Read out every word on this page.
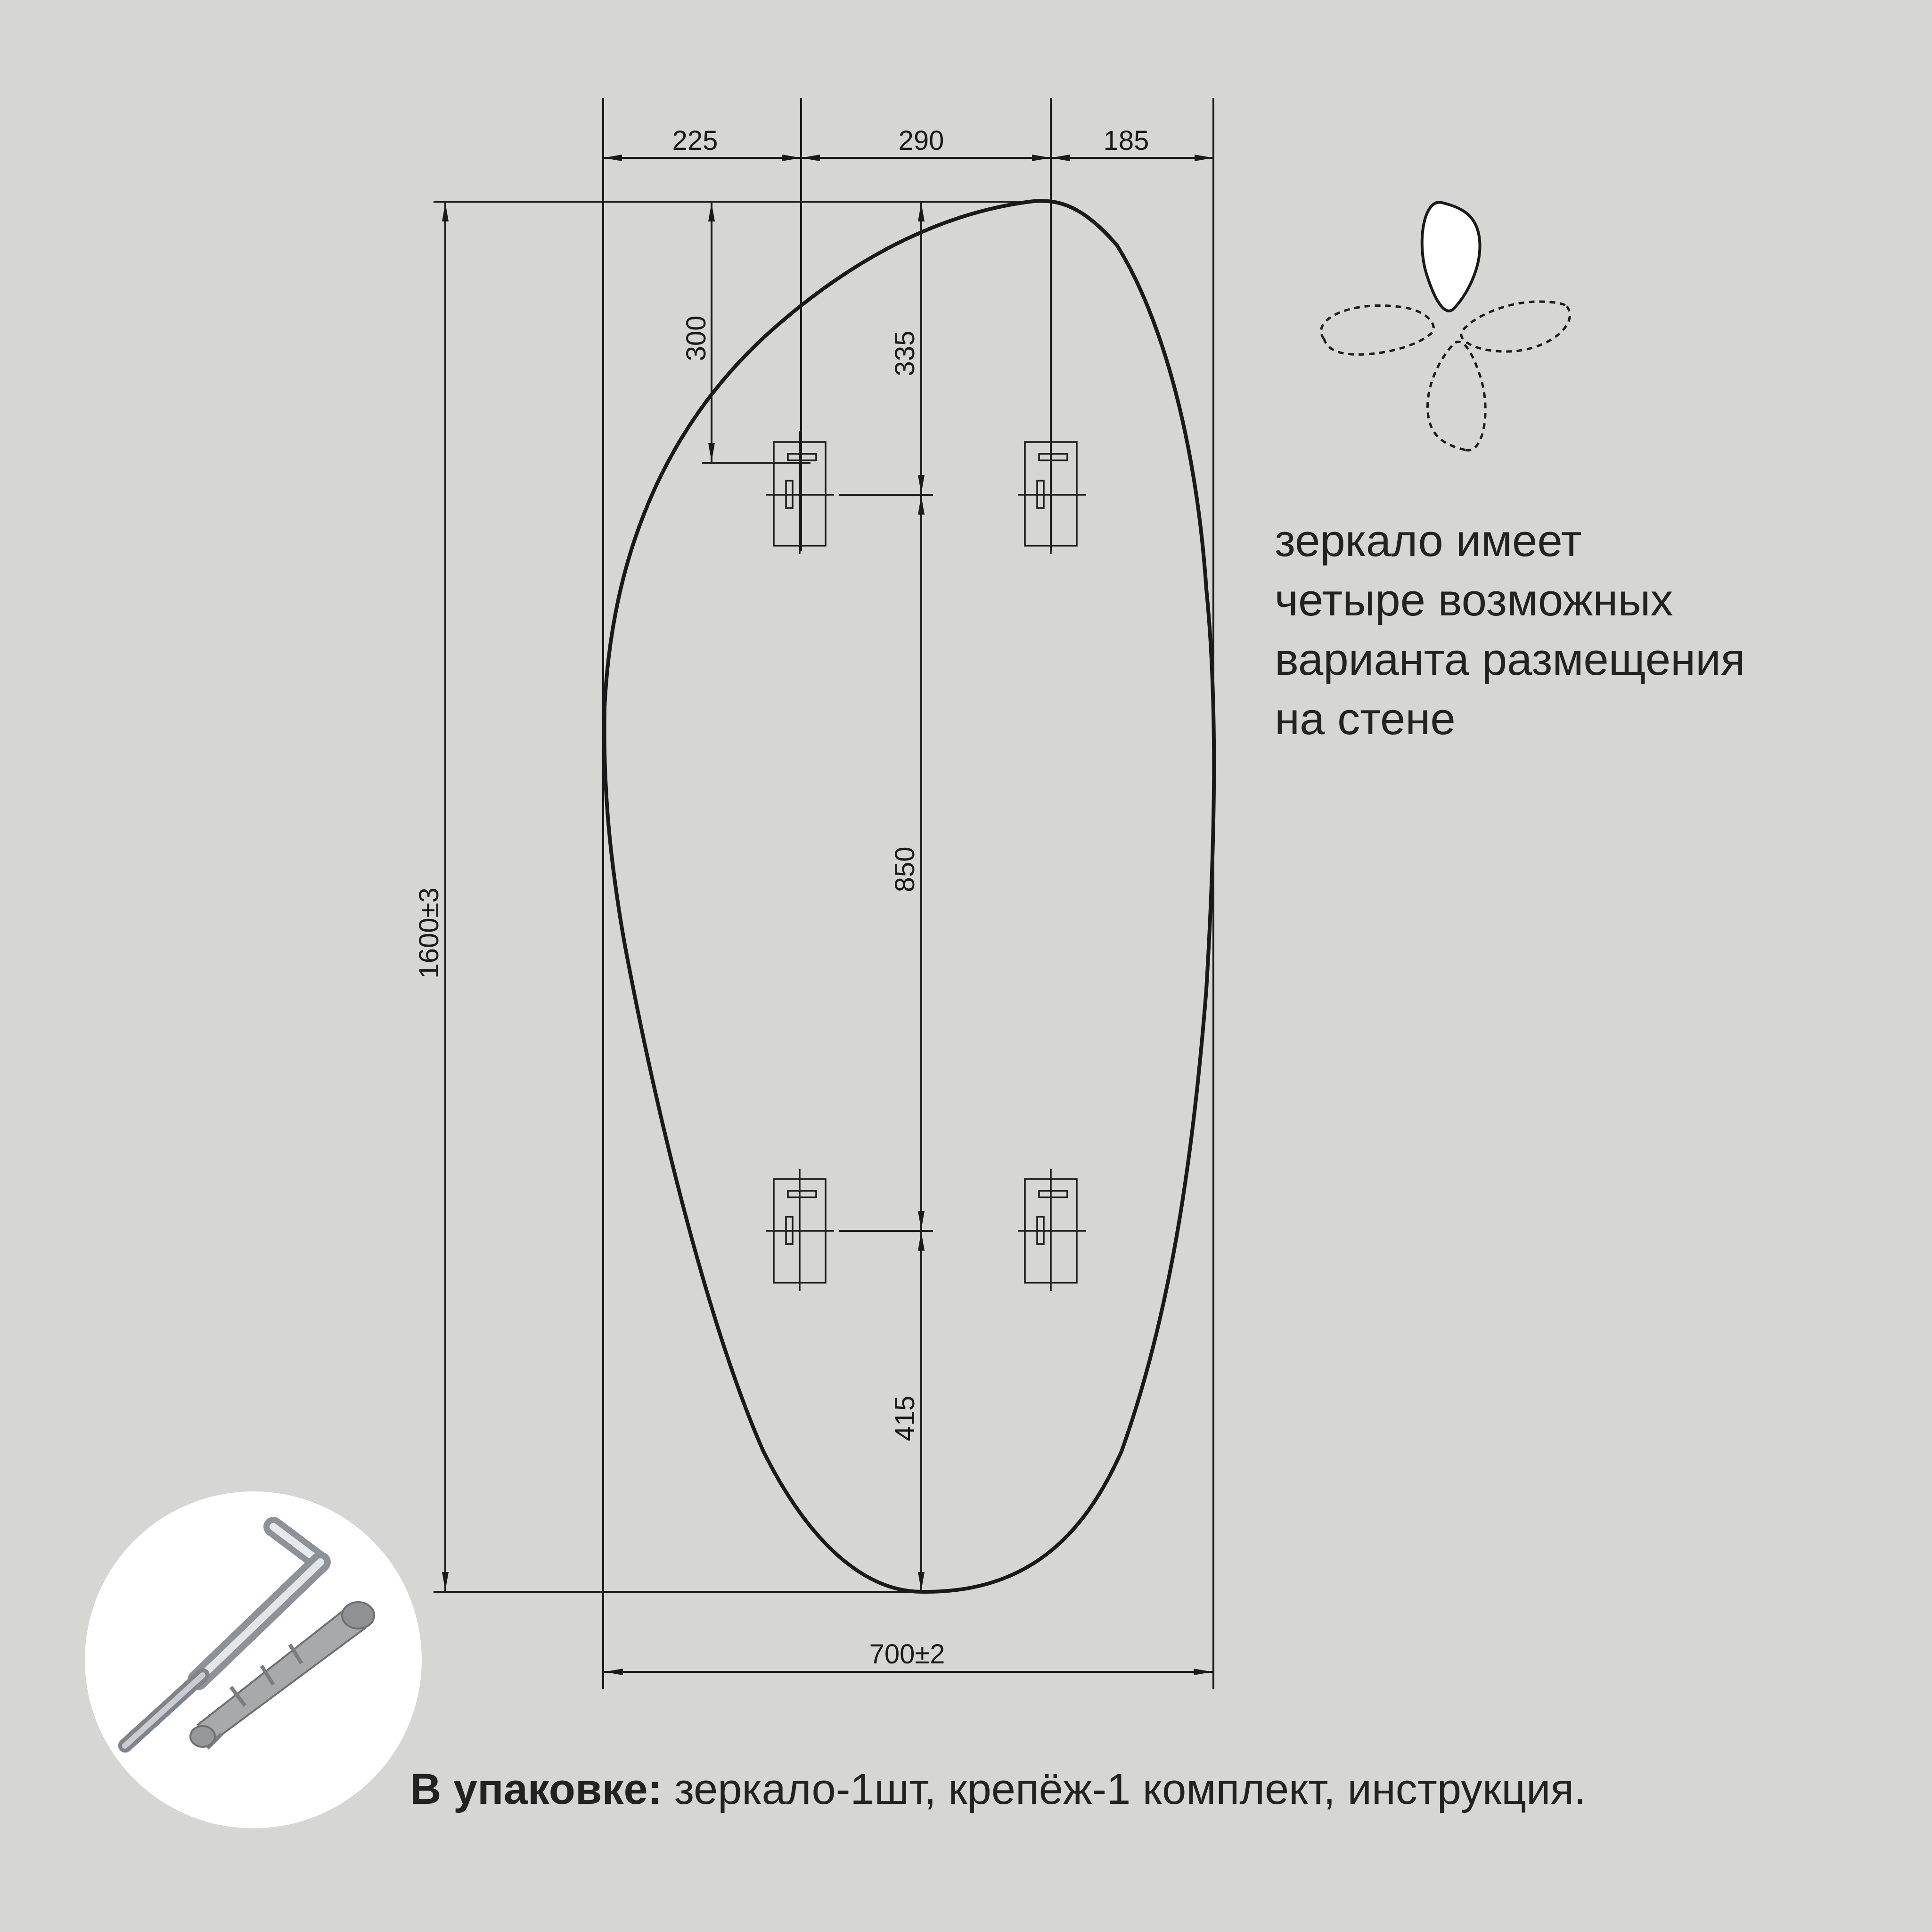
225	290	185
1600±3
300	335
850
415
700±2
зеркало имеет
четыре возможных
варианта размещения
на стене
В упаковке: зеркало-1шт, крепёж-1 комплект, инструкция.
